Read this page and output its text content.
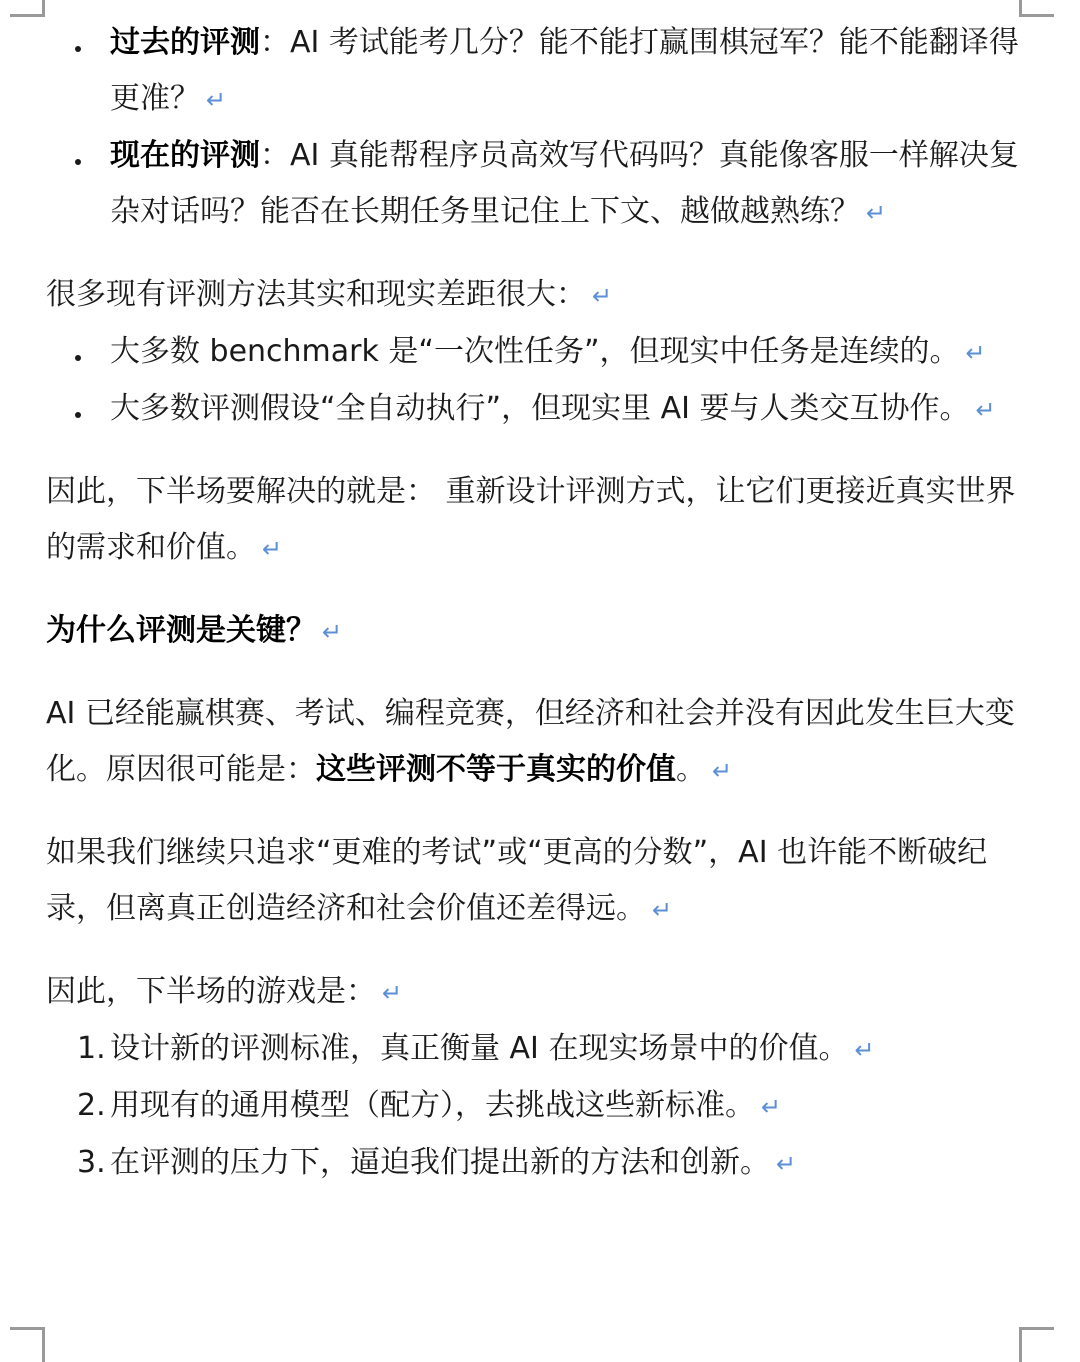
过去的评测：AI 考试能考几分？能不能打赢围棋冠军？能不能翻译得更准？ ↵
现在的评测：AI 真能帮程序员高效写代码吗？真能像客服一样解决复杂对话吗？能否在长期任务里记住上下文、越做越熟练？ ↵

很多现有评测方法其实和现实差距很大： ↵

大多数 benchmark 是“一次性任务”，但现实中任务是连续的。 ↵
大多数评测假设“全自动执行”，但现实里 AI 要与人类交互协作。 ↵

因此，下半场要解决的就是： 重新设计评测方式，让它们更接近真实世界的需求和价值。 ↵

为什么评测是关键？ ↵

AI 已经能赢棋赛、考试、编程竞赛，但经济和社会并没有因此发生巨大变化。原因很可能是：这些评测不等于真实的价值。 ↵

如果我们继续只追求“更难的考试”或“更高的分数”，AI 也许能不断破纪录，但离真正创造经济和社会价值还差得远。 ↵

因此，下半场的游戏是： ↵

1. 设计新的评测标准，真正衡量 AI 在现实场景中的价值。 ↵
2. 用现有的通用模型（配方），去挑战这些新标准。 ↵
3. 在评测的压力下，逼迫我们提出新的方法和创新。 ↵
